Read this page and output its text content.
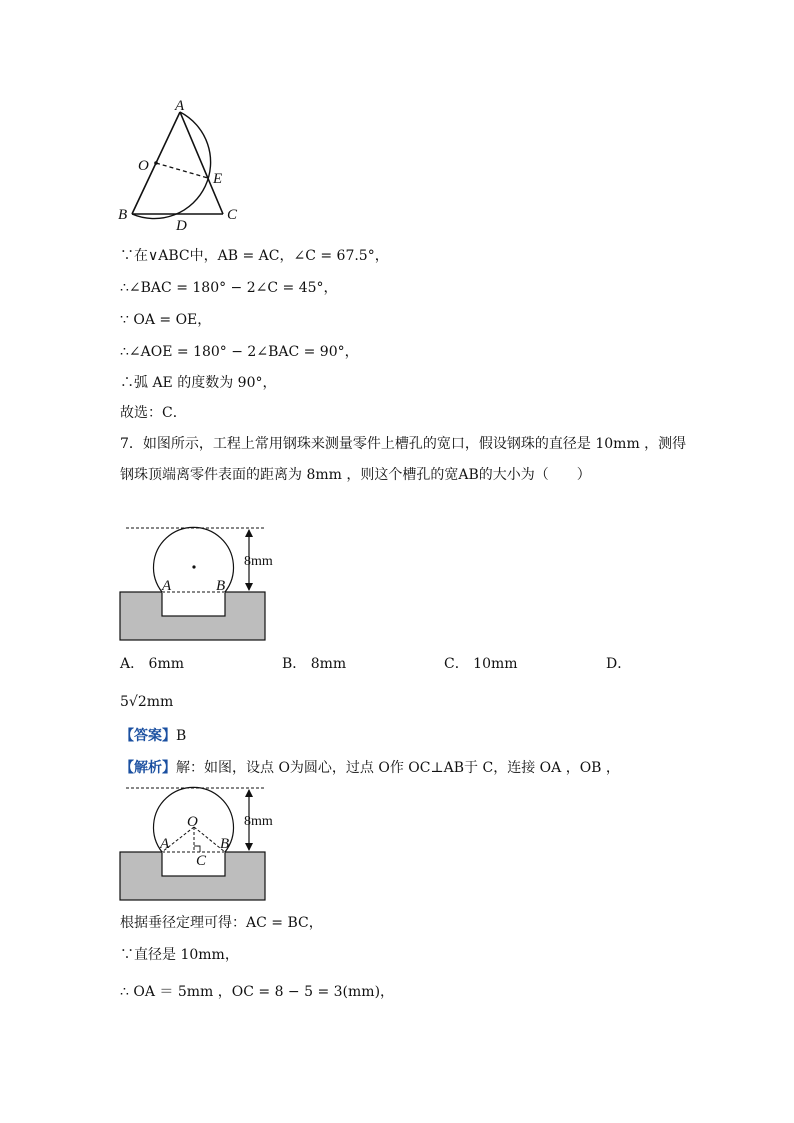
A
O
E
B
D
C
∵在∨ABC中，AB = AC，∠C = 67.5°，
∴∠BAC = 180° − 2∠C = 45°，
∵ OA = OE，
∴∠AOE = 180° − 2∠BAC = 90°，
∴弧 AE 的度数为 90°，
故选：C．
7．如图所示，工程上常用钢珠来测量零件上槽孔的宽口，假设钢珠的直径是 10mm ，测得
钢珠顶端离零件表面的距离为 8mm ，则这个槽孔的宽AB的大小为（　　）
8mm
A	B
A． 6mm	B． 8mm	C． 10mm	D．
5√2mm
【答案】B
【解析】解：如图，设点 O为圆心，过点 O作 OC⊥AB于 C，连接 OA ，OB ，
8mm
O
A	B
C
根据垂径定理可得：AC = BC，
∵直径是 10mm，
∴ OA ＝ 5mm ，OC = 8 − 5 = 3(mm)，
